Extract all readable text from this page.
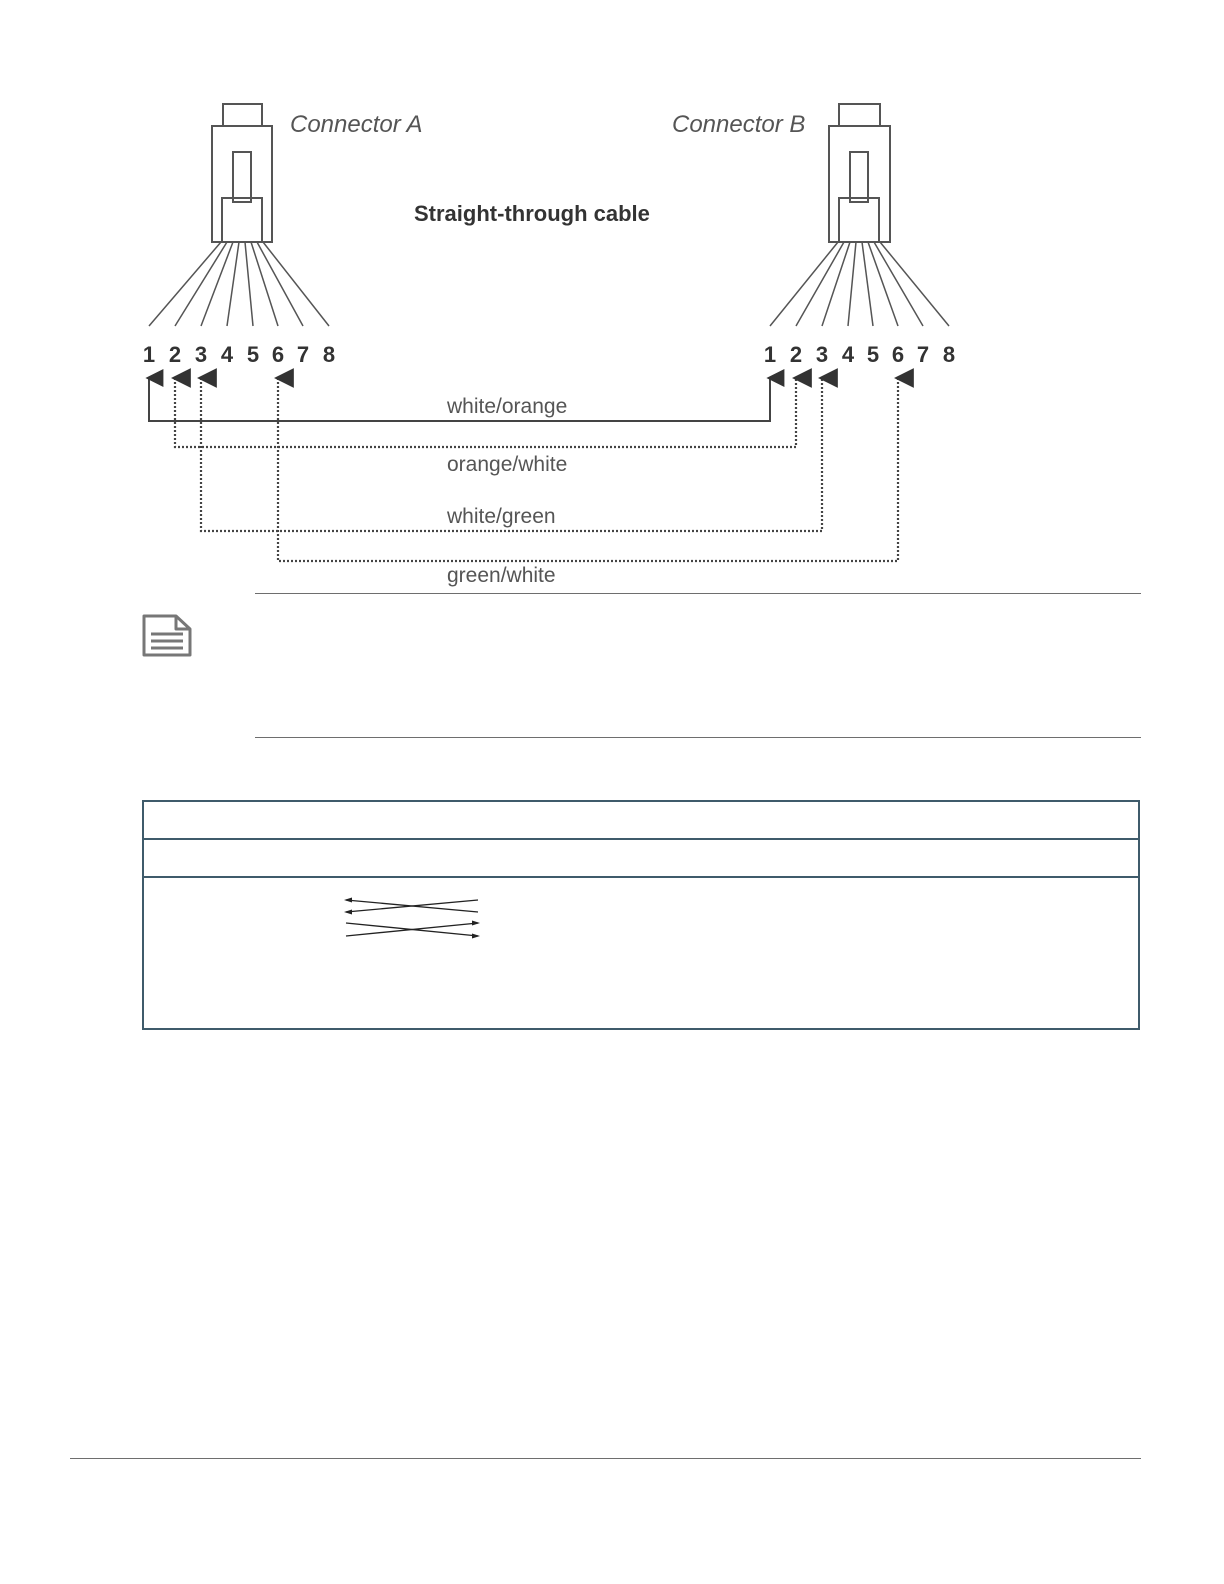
Connector A	Connector B
Straight-through cable
1 2 3 4 5 6 7 8	1 2 3 4 5 6 7 8
white/orange
orange/white
white/green
green/white
